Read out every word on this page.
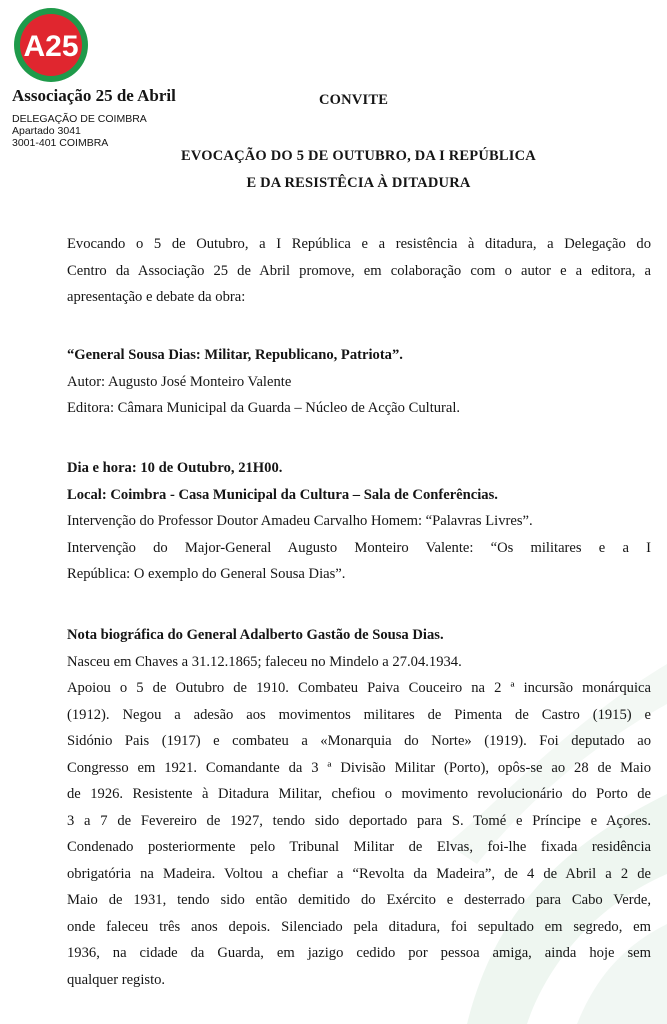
A25
Associação 25 de Abril
DELEGAÇÃO DE COIMBRA
Apartado 3041
3001-401 COIMBRA
CONVITE
EVOCAÇÃO DO 5 DE OUTUBRO, DA I REPÚBLICA
E DA RESISTÊCIA À DITADURA
Evocando o 5 de Outubro, a I República e a resistência à ditadura, a Delegação do
Centro da Associação 25 de Abril promove, em colaboração com o autor e a editora, a
apresentação e debate da obra:
“General Sousa Dias: Militar, Republicano, Patriota”.
Autor: Augusto José Monteiro Valente
Editora: Câmara Municipal da Guarda – Núcleo de Acção Cultural.
Dia e hora: 10 de Outubro, 21H00.
Local: Coimbra - Casa Municipal da Cultura – Sala de Conferências.
Intervenção do Professor Doutor Amadeu Carvalho Homem: “Palavras Livres”.
Intervenção do Major-General Augusto Monteiro Valente: “Os militares e a I
República: O exemplo do General Sousa Dias”.
Nota biográfica do General Adalberto Gastão de Sousa Dias.
Nasceu em Chaves a 31.12.1865; faleceu no Mindelo a 27.04.1934.
Apoiou o 5 de Outubro de 1910. Combateu Paiva Couceiro na 2 ª incursão monárquica
(1912). Negou a adesão aos movimentos militares de Pimenta de Castro (1915) e
Sidónio Pais (1917) e combateu a «Monarquia do Norte» (1919). Foi deputado ao
Congresso em 1921. Comandante da 3 ª Divisão Militar (Porto), opôs-se ao 28 de Maio
de 1926. Resistente à Ditadura Militar, chefiou o movimento revolucionário do Porto de
3 a 7 de Fevereiro de 1927, tendo sido deportado para S. Tomé e Príncipe e Açores.
Condenado posteriormente pelo Tribunal Militar de Elvas, foi-lhe fixada residência
obrigatória na Madeira. Voltou a chefiar a “Revolta da Madeira”, de 4 de Abril a 2 de
Maio de 1931, tendo sido então demitido do Exército e desterrado para Cabo Verde,
onde faleceu três anos depois. Silenciado pela ditadura, foi sepultado em segredo, em
1936, na cidade da Guarda, em jazigo cedido por pessoa amiga, ainda hoje sem
qualquer registo.
